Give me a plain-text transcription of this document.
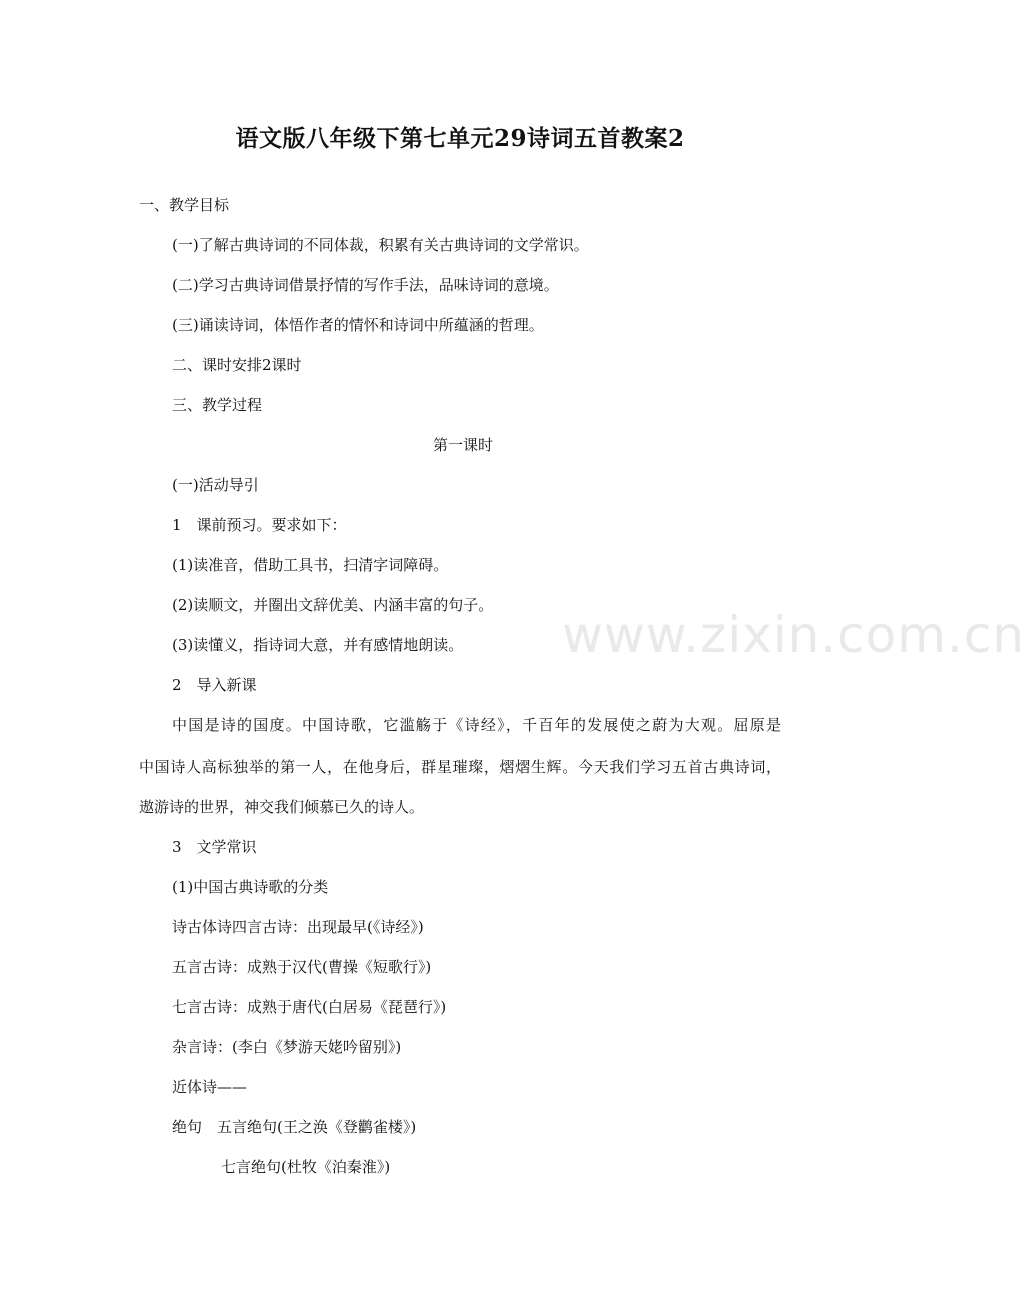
www.zixin.com.cn
语文版八年级下第七单元29诗词五首教案2
一、教学目标
(一)了解古典诗词的不同体裁，积累有关古典诗词的文学常识。
(二)学习古典诗词借景抒情的写作手法，品味诗词的意境。
(三)诵读诗词，体悟作者的情怀和诗词中所蕴涵的哲理。
二、课时安排2课时
三、教学过程
第一课时
(一)活动导引
1　课前预习。要求如下：
(1)读准音，借助工具书，扫清字词障碍。
(2)读顺文，并圈出文辞优美、内涵丰富的句子。
(3)读懂义，指诗词大意，并有感情地朗读。
2　导入新课
中国是诗的国度。中国诗歌，它滥觞于《诗经》，千百年的发展使之蔚为大观。屈原是
中国诗人高标独举的第一人，在他身后，群星璀璨，熠熠生辉。今天我们学习五首古典诗词，
遨游诗的世界，神交我们倾慕已久的诗人。
3　文学常识
(1)中国古典诗歌的分类
诗古体诗四言古诗：出现最早(《诗经》)
五言古诗：成熟于汉代(曹操《短歌行》)
七言古诗：成熟于唐代(白居易《琵琶行》)
杂言诗：(李白《梦游天姥吟留别》)
近体诗——
绝句　五言绝句(王之涣《登鹳雀楼》)
七言绝句(杜牧《泊秦淮》)
